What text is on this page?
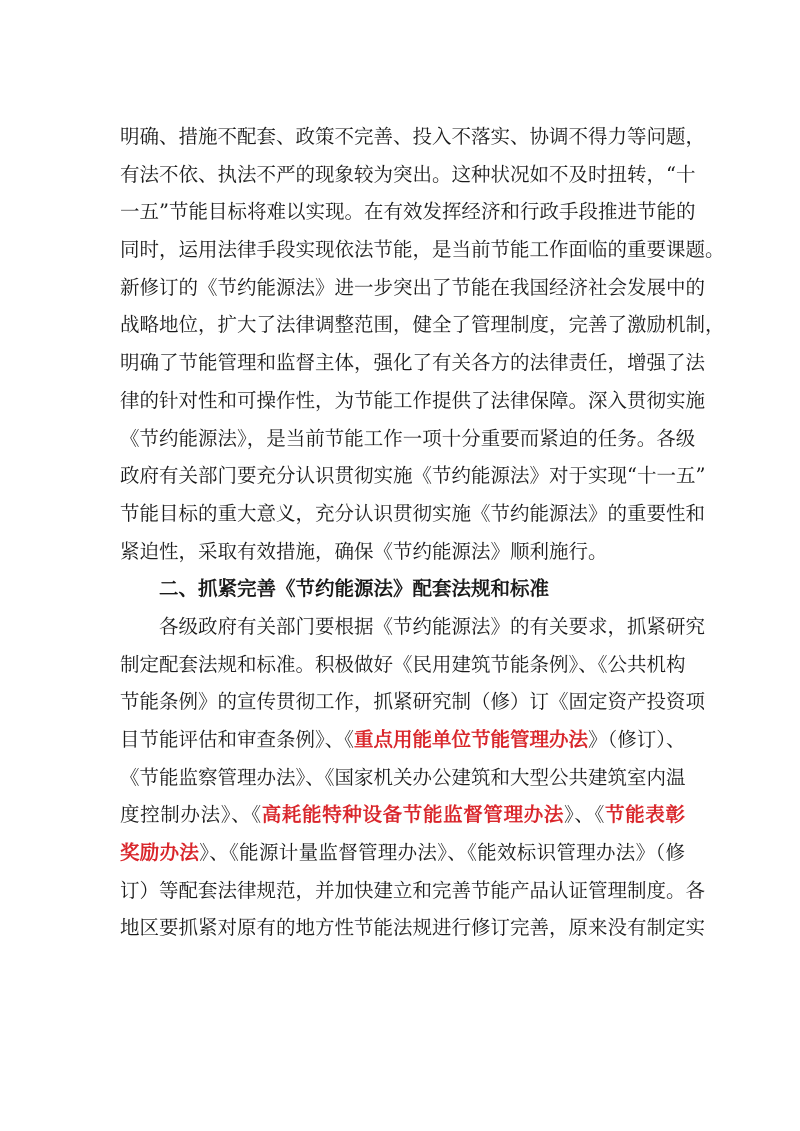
明确、措施不配套、政策不完善、投入不落实、协调不得力等问题，
有法不依、执法不严的现象较为突出。这种状况如不及时扭转，“十
一五”节能目标将难以实现。在有效发挥经济和行政手段推进节能的
同时，运用法律手段实现依法节能，是当前节能工作面临的重要课题。
新修订的《节约能源法》进一步突出了节能在我国经济社会发展中的
战略地位，扩大了法律调整范围，健全了管理制度，完善了激励机制，
明确了节能管理和监督主体，强化了有关各方的法律责任，增强了法
律的针对性和可操作性，为节能工作提供了法律保障。深入贯彻实施
《节约能源法》，是当前节能工作一项十分重要而紧迫的任务。各级
政府有关部门要充分认识贯彻实施《节约能源法》对于实现“十一五”
节能目标的重大意义，充分认识贯彻实施《节约能源法》的重要性和
紧迫性，采取有效措施，确保《节约能源法》顺利施行。
二、抓紧完善《节约能源法》配套法规和标准
各级政府有关部门要根据《节约能源法》的有关要求，抓紧研究
制定配套法规和标准。积极做好《民用建筑节能条例》、《公共机构
节能条例》的宣传贯彻工作，抓紧研究制（修）订《固定资产投资项
目节能评估和审查条例》、《重点用能单位节能管理办法》（修订）、
《节能监察管理办法》、《国家机关办公建筑和大型公共建筑室内温
度控制办法》、《高耗能特种设备节能监督管理办法》、《节能表彰
奖励办法》、《能源计量监督管理办法》、《能效标识管理办法》（修
订）等配套法律规范，并加快建立和完善节能产品认证管理制度。各
地区要抓紧对原有的地方性节能法规进行修订完善，原来没有制定实
